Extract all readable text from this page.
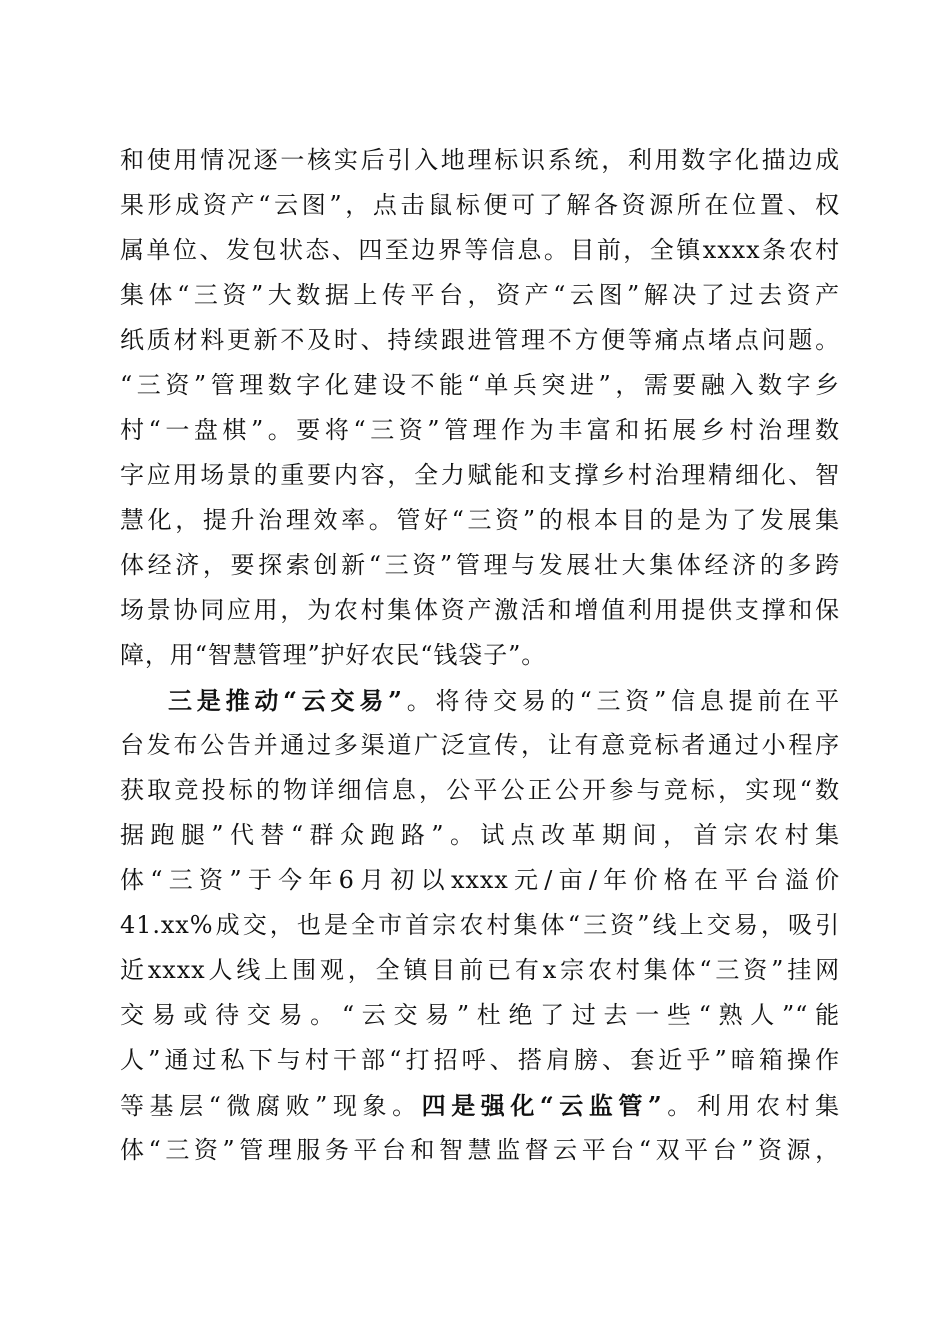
和使用情况逐一核实后引入地理标识系统，利用数字化描边成
果形成资产“云图”，点击鼠标便可了解各资源所在位置、权
属单位、发包状态、四至边界等信息。目前，全镇xxxx条农村
集体“三资”大数据上传平台，资产“云图”解决了过去资产
纸质材料更新不及时、持续跟进管理不方便等痛点堵点问题。
“三资”管理数字化建设不能“单兵突进”，需要融入数字乡
村“一盘棋”。要将“三资”管理作为丰富和拓展乡村治理数
字应用场景的重要内容，全力赋能和支撑乡村治理精细化、智
慧化，提升治理效率。管好“三资”的根本目的是为了发展集
体经济，要探索创新“三资”管理与发展壮大集体经济的多跨
场景协同应用，为农村集体资产激活和增值利用提供支撑和保
障，用“智慧管理”护好农民“钱袋子”。
三是推动“云交易”。将待交易的“三资”信息提前在平
台发布公告并通过多渠道广泛宣传，让有意竞标者通过小程序
获取竞投标的物详细信息，公平公正公开参与竞标，实现“数
据跑腿”代替“群众跑路”。试点改革期间，首宗农村集
体“三资”于今年6月初以xxxx元/亩/年价格在平台溢价
41.xx%成交，也是全市首宗农村集体“三资”线上交易，吸引
近xxxx人线上围观，全镇目前已有x宗农村集体“三资”挂网
交易或待交易。“云交易”杜绝了过去一些“熟人”“能
人”通过私下与村干部“打招呼、搭肩膀、套近乎”暗箱操作
等基层“微腐败”现象。四是强化“云监管”。利用农村集
体“三资”管理服务平台和智慧监督云平台“双平台”资源，
